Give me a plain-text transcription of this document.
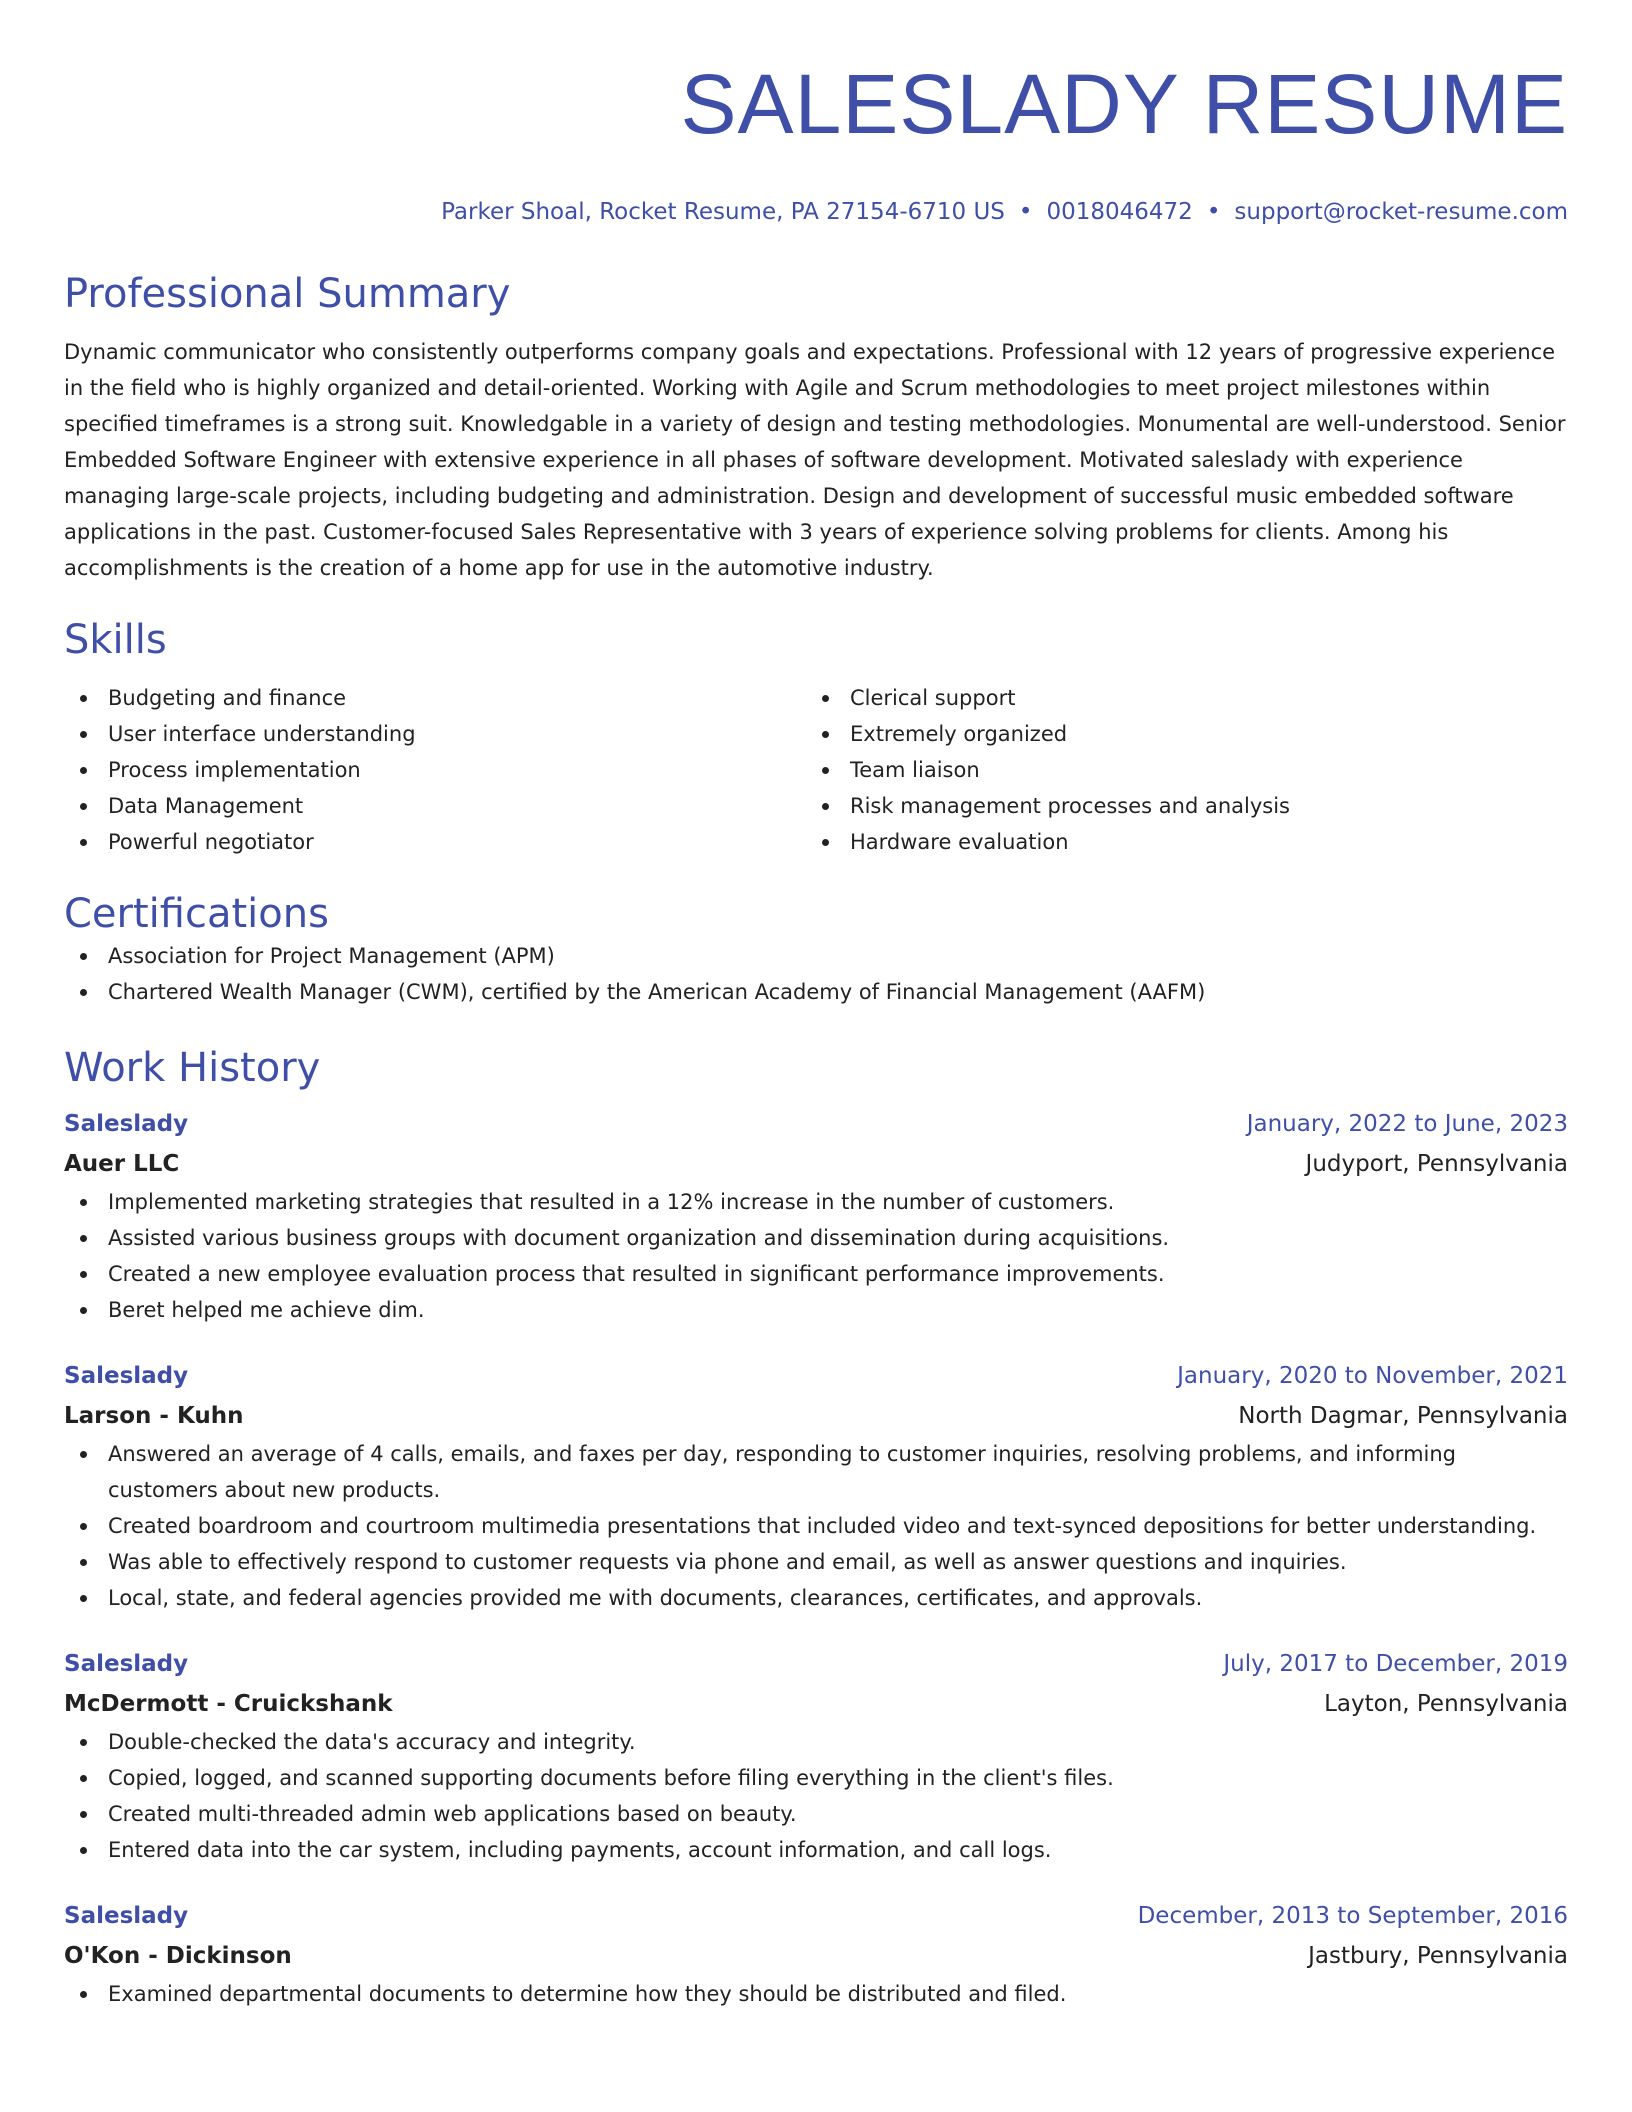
SALESLADY RESUME
Parker Shoal, Rocket Resume, PA 27154-6710 US • 0018046472 • support@rocket-resume.com
Professional Summary

Dynamic communicator who consistently outperforms company goals and expectations. Professional with 12 years of progressive experience in the field who is highly organized and detail-oriented. Working with Agile and Scrum methodologies to meet project milestones within specified timeframes is a strong suit. Knowledgable in a variety of design and testing methodologies. Monumental are well-understood. Senior Embedded Software Engineer with extensive experience in all phases of software development. Motivated saleslady with experience managing large-scale projects, including budgeting and administration. Design and development of successful music embedded software applications in the past. Customer-focused Sales Representative with 3 years of experience solving problems for clients. Among his accomplishments is the creation of a home app for use in the automotive industry.

Skills
Budgeting and finance
User interface understanding
Process implementation
Data Management
Powerful negotiator
Clerical support
Extremely organized
Team liaison
Risk management processes and analysis
Hardware evaluation
Certifications
Association for Project Management (APM)
Chartered Wealth Manager (CWM), certified by the American Academy of Financial Management (AAFM)
Work History
Saleslady	January, 2022 to June, 2023
Auer LLC	Judyport, Pennsylvania
Implemented marketing strategies that resulted in a 12% increase in the number of customers.
Assisted various business groups with document organization and dissemination during acquisitions.
Created a new employee evaluation process that resulted in significant performance improvements.
Beret helped me achieve dim.
Saleslady	January, 2020 to November, 2021
Larson - Kuhn	North Dagmar, Pennsylvania
Answered an average of 4 calls, emails, and faxes per day, responding to customer inquiries, resolving problems, and informing customers about new products.
Created boardroom and courtroom multimedia presentations that included video and text-synced depositions for better understanding.
Was able to effectively respond to customer requests via phone and email, as well as answer questions and inquiries.
Local, state, and federal agencies provided me with documents, clearances, certificates, and approvals.
Saleslady	July, 2017 to December, 2019
McDermott - Cruickshank	Layton, Pennsylvania
Double-checked the data's accuracy and integrity.
Copied, logged, and scanned supporting documents before filing everything in the client's files.
Created multi-threaded admin web applications based on beauty.
Entered data into the car system, including payments, account information, and call logs.
Saleslady	December, 2013 to September, 2016
O'Kon - Dickinson	Jastbury, Pennsylvania
Examined departmental documents to determine how they should be distributed and filed.
